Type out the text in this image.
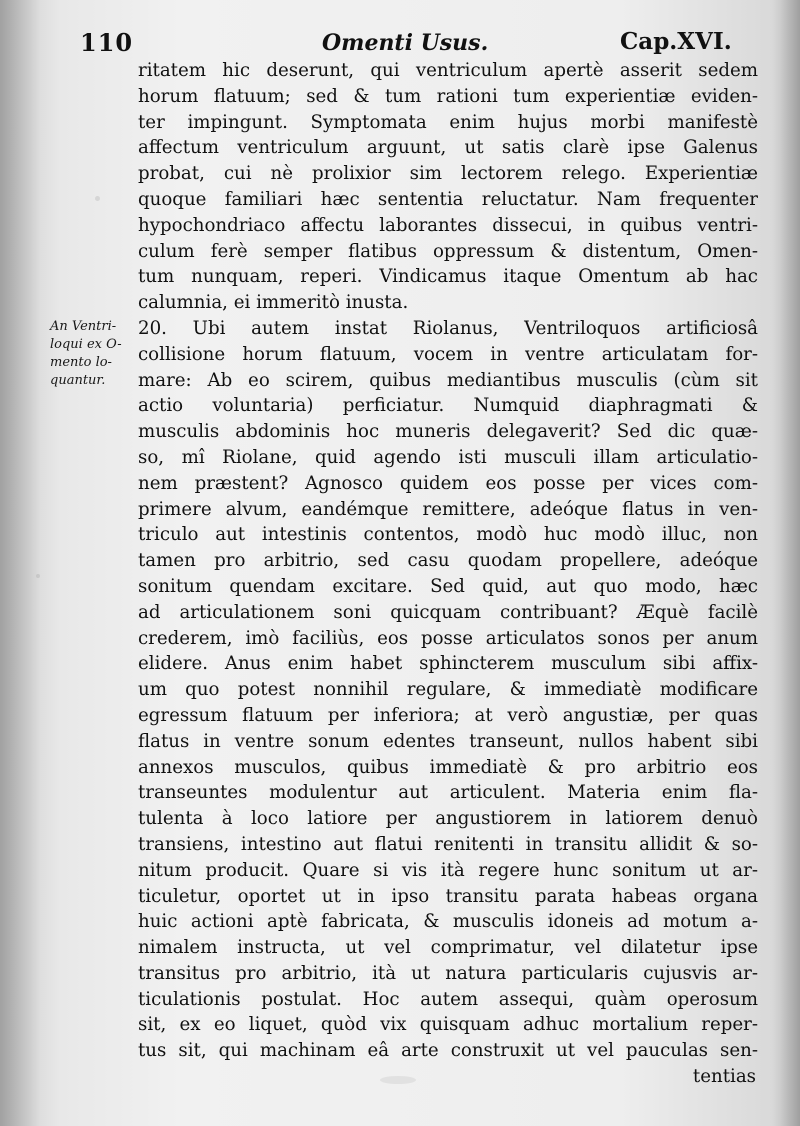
110	Omenti Usus.	Cap.XVI.
An Ventri-
loqui ex O-
mento lo-
quantur.
ritatem hic deserunt, qui ventriculum apertè asserit sedem
horum flatuum; sed & tum rationi tum experientiæ eviden-
ter impingunt. Symptomata enim hujus morbi manifestè
affectum ventriculum arguunt, ut satis clarè ipse Galenus
probat, cui nè prolixior sim lectorem relego. Experientiæ
quoque familiari hæc sententia reluctatur. Nam frequenter
hypochondriaco affectu laborantes dissecui, in quibus ventri-
culum ferè semper flatibus oppressum & distentum, Omen-
tum nunquam, reperi. Vindicamus itaque Omentum ab hac
calumnia, ei immeritò inusta.
20. Ubi autem instat Riolanus, Ventriloquos artificiosâ
collisione horum flatuum, vocem in ventre articulatam for-
mare: Ab eo scirem, quibus mediantibus musculis (cùm sit
actio voluntaria) perficiatur. Numquid diaphragmati &
musculis abdominis hoc muneris delegaverit? Sed dic quæ-
so, mî Riolane, quid agendo isti musculi illam articulatio-
nem præstent? Agnosco quidem eos posse per vices com-
primere alvum, eandémque remittere, adeóque flatus in ven-
triculo aut intestinis contentos, modò huc modò illuc, non
tamen pro arbitrio, sed casu quodam propellere, adeóque
sonitum quendam excitare. Sed quid, aut quo modo, hæc
ad articulationem soni quicquam contribuant? Æquè facilè
crederem, imò faciliùs, eos posse articulatos sonos per anum
elidere. Anus enim habet sphincterem musculum sibi affix-
um quo potest nonnihil regulare, & immediatè modificare
egressum flatuum per inferiora; at verò angustiæ, per quas
flatus in ventre sonum edentes transeunt, nullos habent sibi
annexos musculos, quibus immediatè & pro arbitrio eos
transeuntes modulentur aut articulent. Materia enim fla-
tulenta à loco latiore per angustiorem in latiorem denuò
transiens, intestino aut flatui renitenti in transitu allidit & so-
nitum producit. Quare si vis ità regere hunc sonitum ut ar-
ticuletur, oportet ut in ipso transitu parata habeas organa
huic actioni aptè fabricata, & musculis idoneis ad motum a-
nimalem instructa, ut vel comprimatur, vel dilatetur ipse
transitus pro arbitrio, ità ut natura particularis cujusvis ar-
ticulationis postulat. Hoc autem assequi, quàm operosum
sit, ex eo liquet, quòd vix quisquam adhuc mortalium reper-
tus sit, qui machinam eâ arte construxit ut vel pauculas sen-
tentias
